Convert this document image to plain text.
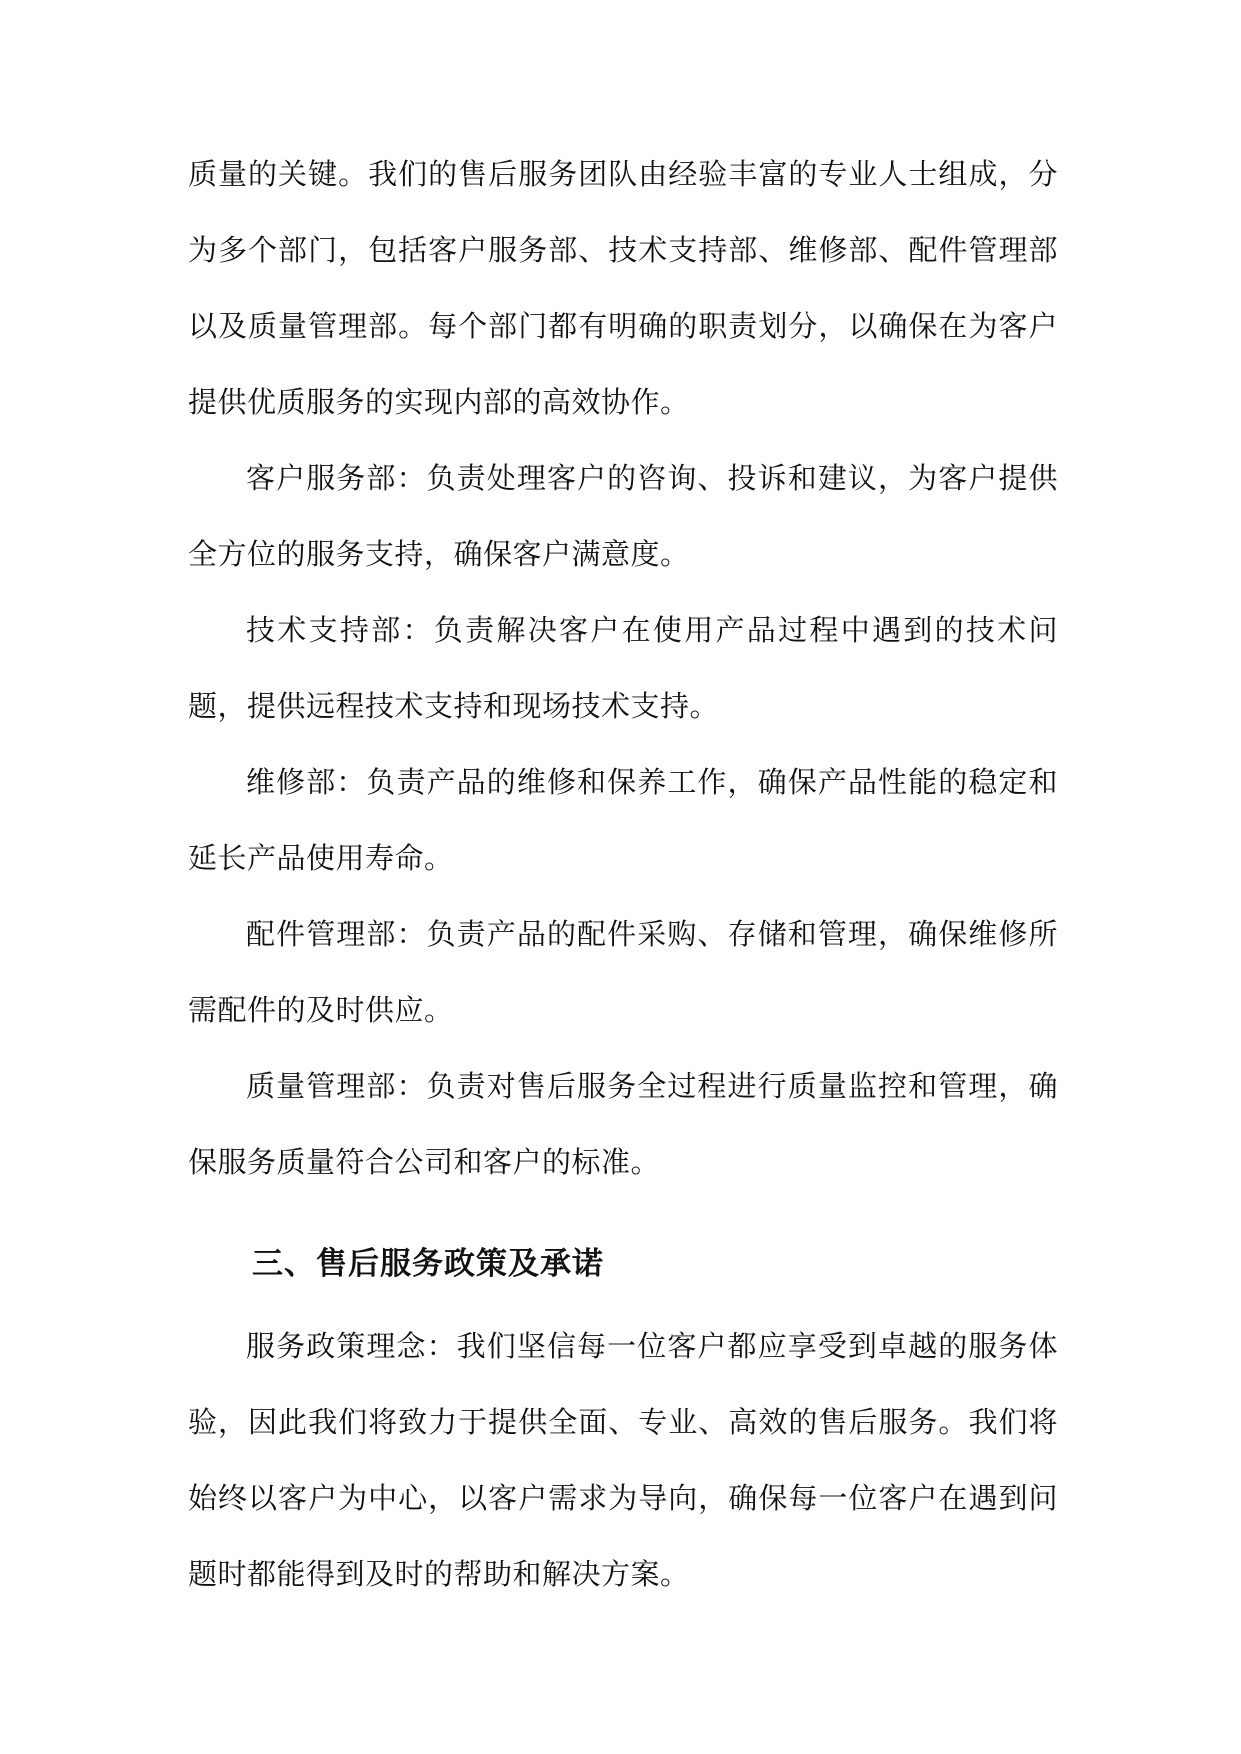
质量的关键。我们的售后服务团队由经验丰富的专业人士组成，分为多个部门，包括客户服务部、技术支持部、维修部、配件管理部以及质量管理部。每个部门都有明确的职责划分，以确保在为客户提供优质服务的实现内部的高效协作。

客户服务部：负责处理客户的咨询、投诉和建议，为客户提供全方位的服务支持，确保客户满意度。

技术支持部：负责解决客户在使用产品过程中遇到的技术问题，提供远程技术支持和现场技术支持。

维修部：负责产品的维修和保养工作，确保产品性能的稳定和延长产品使用寿命。

配件管理部：负责产品的配件采购、存储和管理，确保维修所需配件的及时供应。

质量管理部：负责对售后服务全过程进行质量监控和管理，确保服务质量符合公司和客户的标准。

三、售后服务政策及承诺

服务政策理念：我们坚信每一位客户都应享受到卓越的服务体验，因此我们将致力于提供全面、专业、高效的售后服务。我们将始终以客户为中心，以客户需求为导向，确保每一位客户在遇到问题时都能得到及时的帮助和解决方案。
